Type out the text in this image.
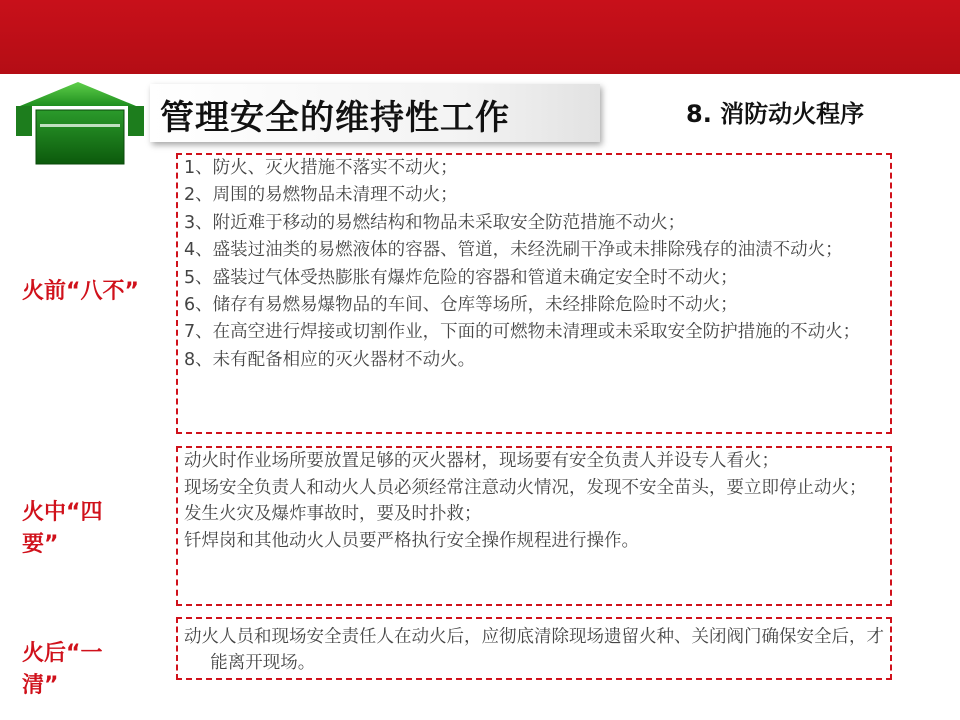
管理安全的维持性工作	8. 消防动火程序
火前“八不”
1、防火、灭火措施不落实不动火；
2、周围的易燃物品未清理不动火；
3、附近难于移动的易燃结构和物品未采取安全防范措施不动火；
4、盛装过油类的易燃液体的容器、管道，未经洗刷干净或未排除残存的油渍不动火；
5、盛装过气体受热膨胀有爆炸危险的容器和管道未确定安全时不动火；
6、储存有易燃易爆物品的车间、仓库等场所，未经排除危险时不动火；
7、在高空进行焊接或切割作业，下面的可燃物未清理或未采取安全防护措施的不动火；
8、未有配备相应的灭火器材不动火。
火中“四要”
动火时作业场所要放置足够的灭火器材，现场要有安全负责人并设专人看火；
现场安全负责人和动火人员必须经常注意动火情况，发现不安全苗头，要立即停止动火；
发生火灾及爆炸事故时，要及时扑救；
钎焊岗和其他动火人员要严格执行安全操作规程进行操作。
火后“一清”
动火人员和现场安全责任人在动火后，应彻底清除现场遗留火种、关闭阀门确保安全后，才能离开现场。
